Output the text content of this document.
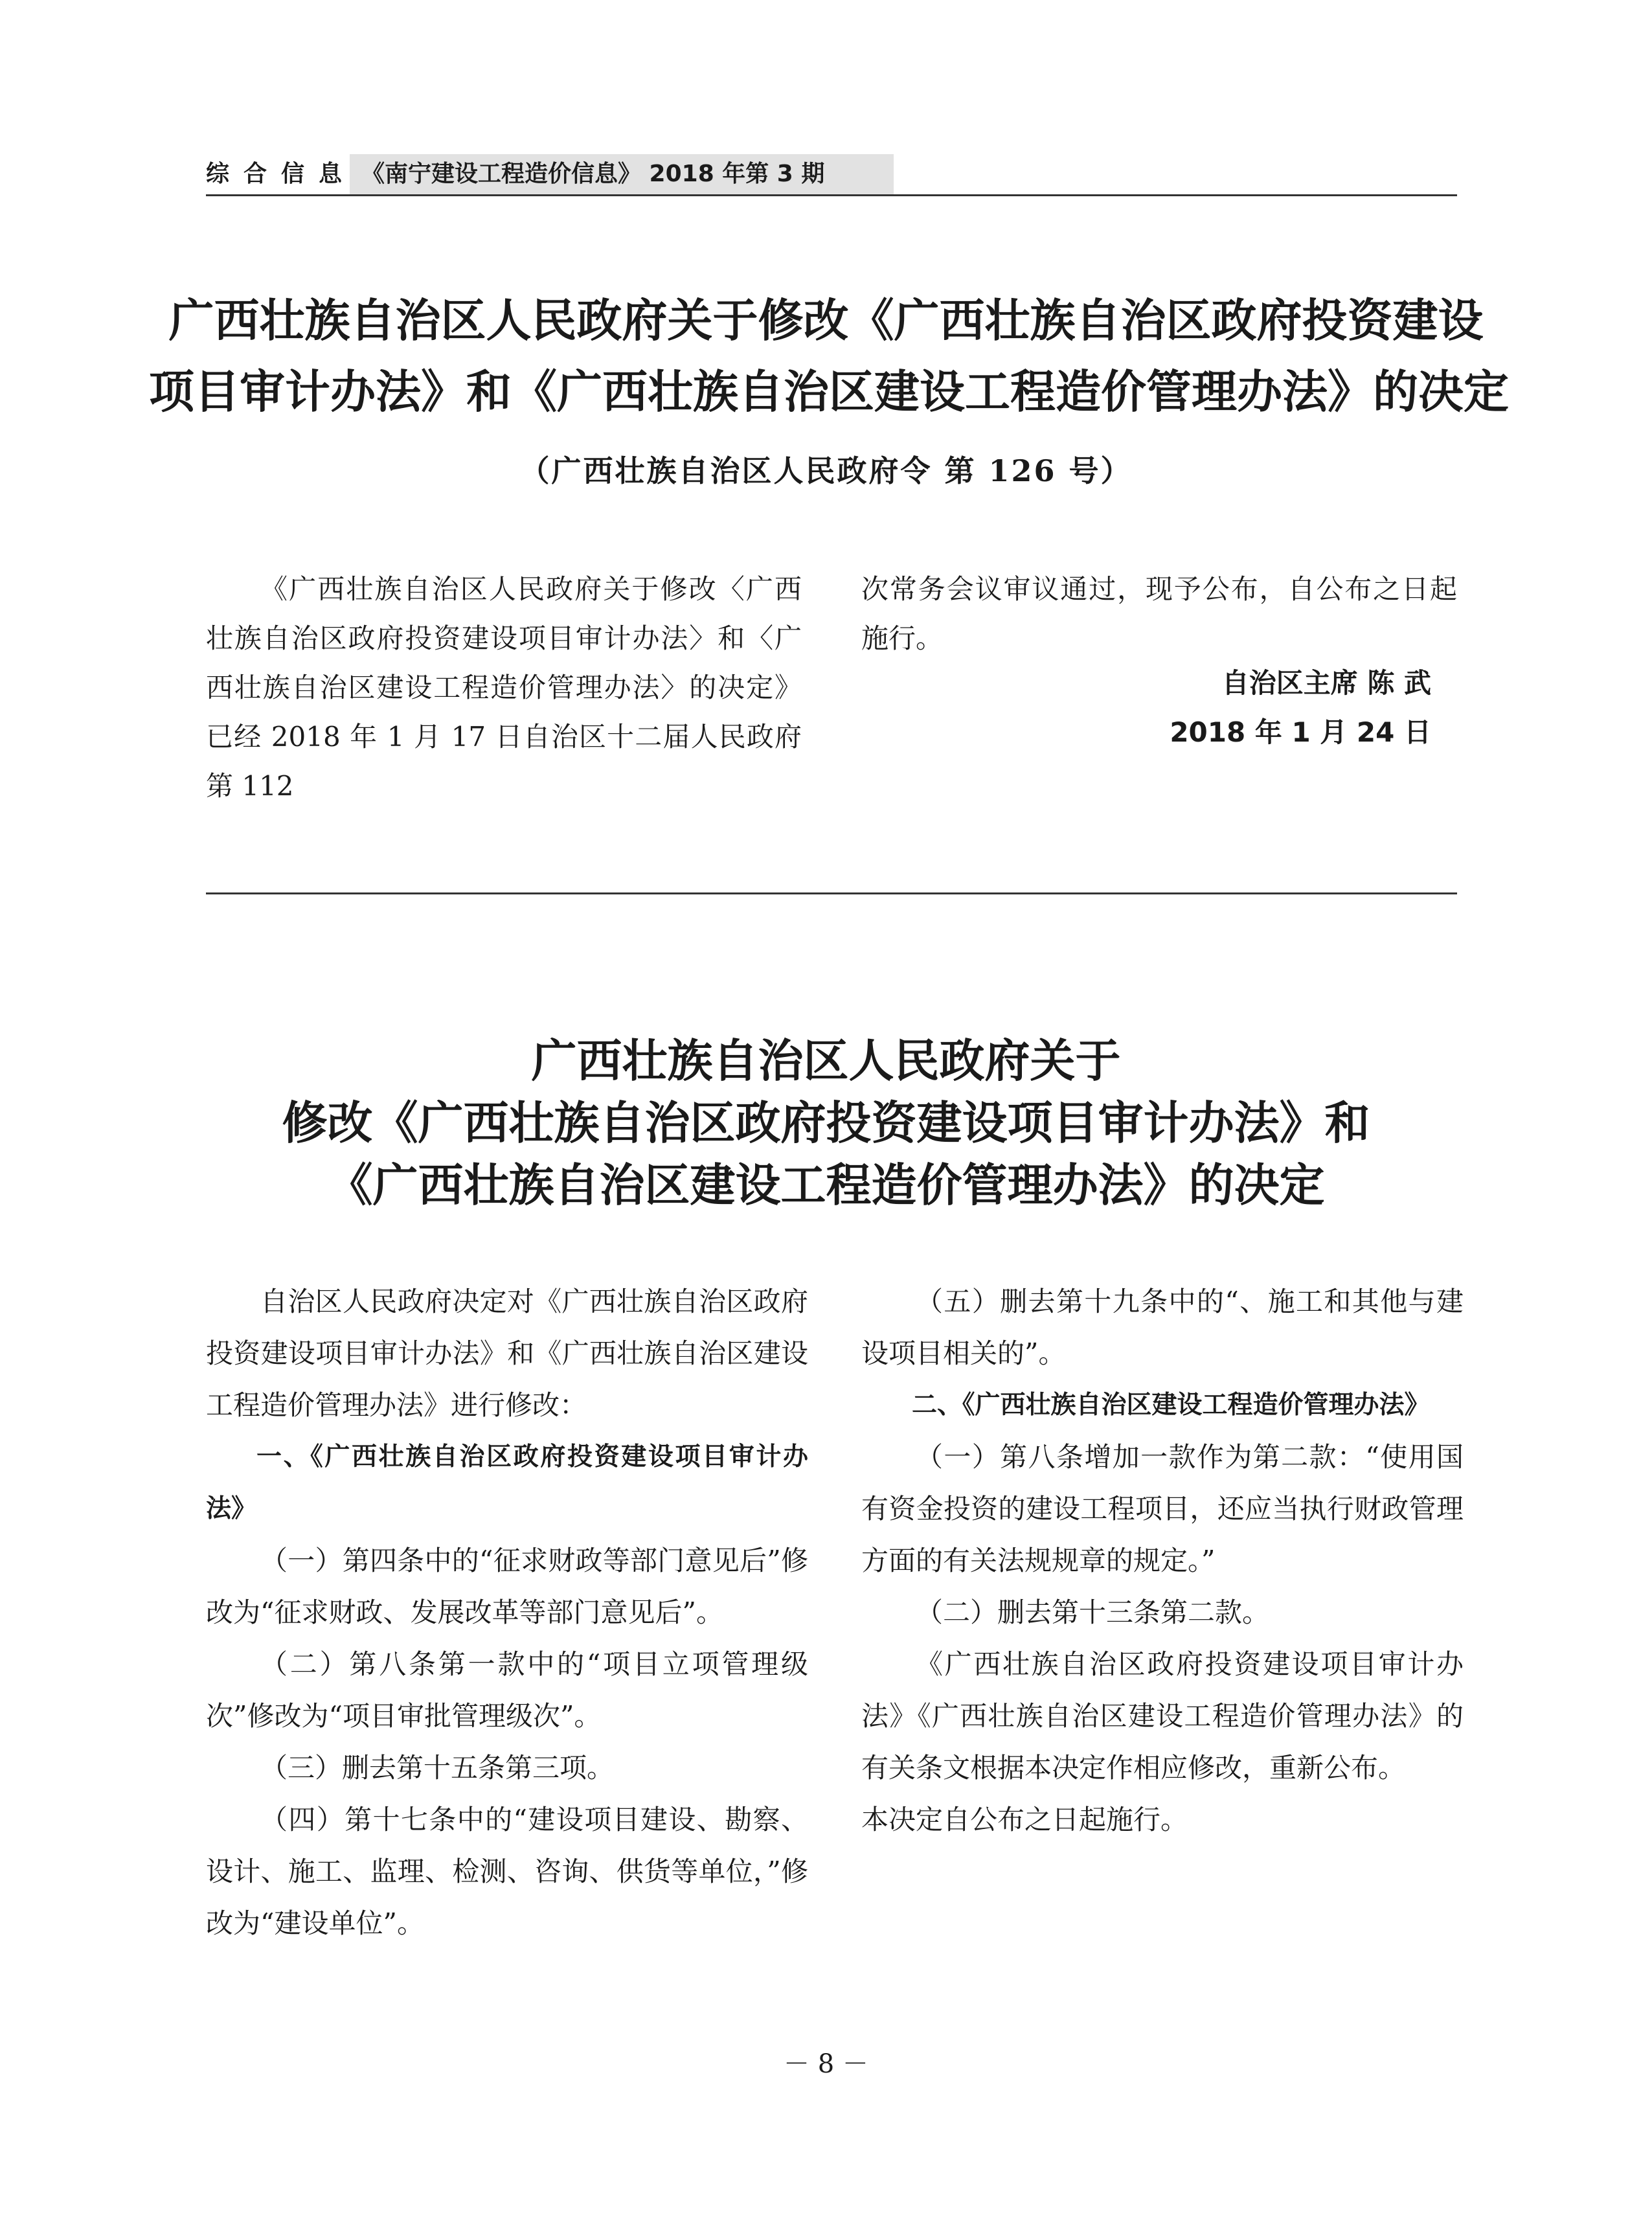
综合信息 《南宁建设工程造价信息》 2018 年第 3 期
广西壮族自治区人民政府关于修改《广西壮族自治区政府投资建设
项目审计办法》和《广西壮族自治区建设工程造价管理办法》的决定
（广西壮族自治区人民政府令 第 126 号）

《广西壮族自治区人民政府关于修改〈广西壮族自治区政府投资建设项目审计办法〉和〈广西壮族自治区建设工程造价管理办法〉的决定》已经 2018 年 1 月 17 日自治区十二届人民政府第 112

次常务会议审议通过，现予公布，自公布之日起施行。

自治区主席 陈 武
2018 年 1 月 24 日
广西壮族自治区人民政府关于
修改《广西壮族自治区政府投资建设项目审计办法》和
《广西壮族自治区建设工程造价管理办法》的决定

自治区人民政府决定对《广西壮族自治区政府投资建设项目审计办法》和《广西壮族自治区建设工程造价管理办法》进行修改：

一、《广西壮族自治区政府投资建设项目审计办法》

（一）第四条中的“征求财政等部门意见后”修改为“征求财政、发展改革等部门意见后”。

（二）第八条第一款中的“项目立项管理级次”修改为“项目审批管理级次”。

（三）删去第十五条第三项。

（四）第十七条中的“建设项目建设、勘察、设计、施工、监理、检测、咨询、供货等单位，”修改为“建设单位”。

（五）删去第十九条中的“、施工和其他与建设项目相关的”。

二、《广西壮族自治区建设工程造价管理办法》

（一）第八条增加一款作为第二款：“使用国有资金投资的建设工程项目，还应当执行财政管理方面的有关法规规章的规定。”

（二）删去第十三条第二款。

《广西壮族自治区政府投资建设项目审计办法》《广西壮族自治区建设工程造价管理办法》的有关条文根据本决定作相应修改，重新公布。

本决定自公布之日起施行。

－ 8 －
